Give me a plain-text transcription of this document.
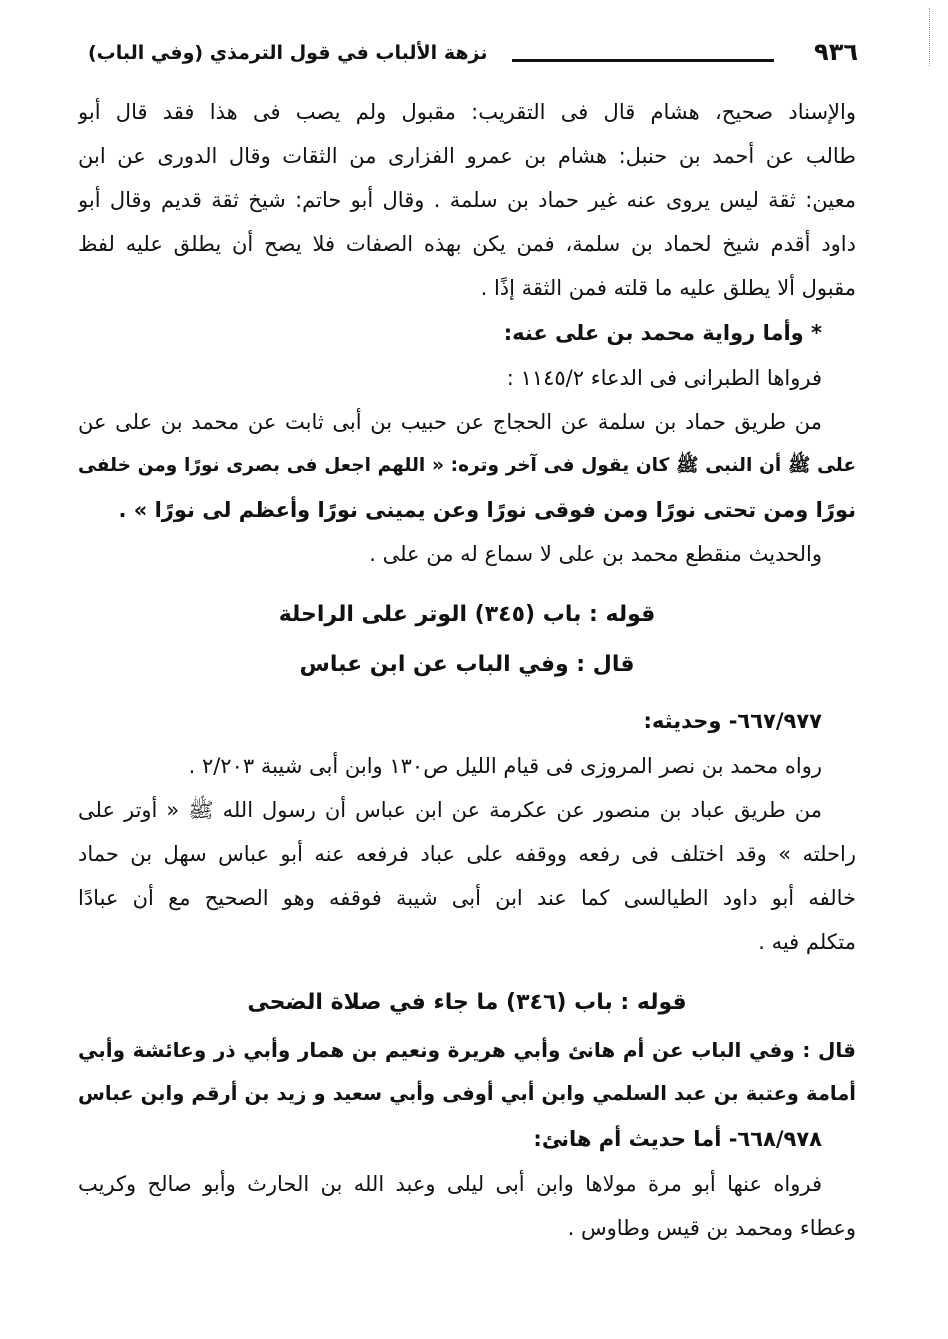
٩٣٦
نزهة الألباب في قول الترمذي (وفي الباب)
والإسناد صحيح، هشام قال فى التقريب: مقبول ولم يصب فى هذا فقد قال أبو
طالب عن أحمد بن حنبل: هشام بن عمرو الفزارى من الثقات وقال الدورى عن ابن
معين: ثقة ليس يروى عنه غير حماد بن سلمة . وقال أبو حاتم: شيخ ثقة قديم وقال أبو
داود أقدم شيخ لحماد بن سلمة، فمن يكن بهذه الصفات فلا يصح أن يطلق عليه لفظ
مقبول ألا يطلق عليه ما قلته فمن الثقة إذًا .
* وأما رواية محمد بن على عنه:
فرواها الطبرانى فى الدعاء ١١٤٥/٢ :
من طريق حماد بن سلمة عن الحجاج عن حبيب بن أبى ثابت عن محمد بن على عن
على ﷺ أن النبى ﷺ كان يقول فى آخر وتره: « اللهم اجعل فى بصرى نورًا ومن خلفى
نورًا ومن تحتى نورًا ومن فوقى نورًا وعن يمينى نورًا وأعظم لى نورًا » .
والحديث منقطع محمد بن على لا سماع له من على .
قوله : باب (٣٤٥) الوتر على الراحلة
قال : وفي الباب عن ابن عباس
٦٦٧/٩٧٧- وحديثه:
رواه محمد بن نصر المروزى فى قيام الليل ص١٣٠ وابن أبى شيبة ٢/٢٠٣ .
من طريق عباد بن منصور عن عكرمة عن ابن عباس أن رسول الله ﷺ « أوتر على
راحلته » وقد اختلف فى رفعه ووقفه على عباد فرفعه عنه أبو عباس سهل بن حماد
خالفه أبو داود الطيالسى كما عند ابن أبى شيبة فوقفه وهو الصحيح مع أن عبادًا
متكلم فيه .
قوله : باب (٣٤٦) ما جاء في صلاة الضحى
قال : وفي الباب عن أم هانئ وأبي هريرة ونعيم بن همار وأبي ذر وعائشة وأبي
أمامة وعتبة بن عبد السلمي وابن أبي أوفى وأبي سعيد و زيد بن أرقم وابن عباس
٦٦٨/٩٧٨- أما حديث أم هانئ:
فرواه عنها أبو مرة مولاها وابن أبى ليلى وعبد الله بن الحارث وأبو صالح وكريب
وعطاء ومحمد بن قيس وطاوس .
